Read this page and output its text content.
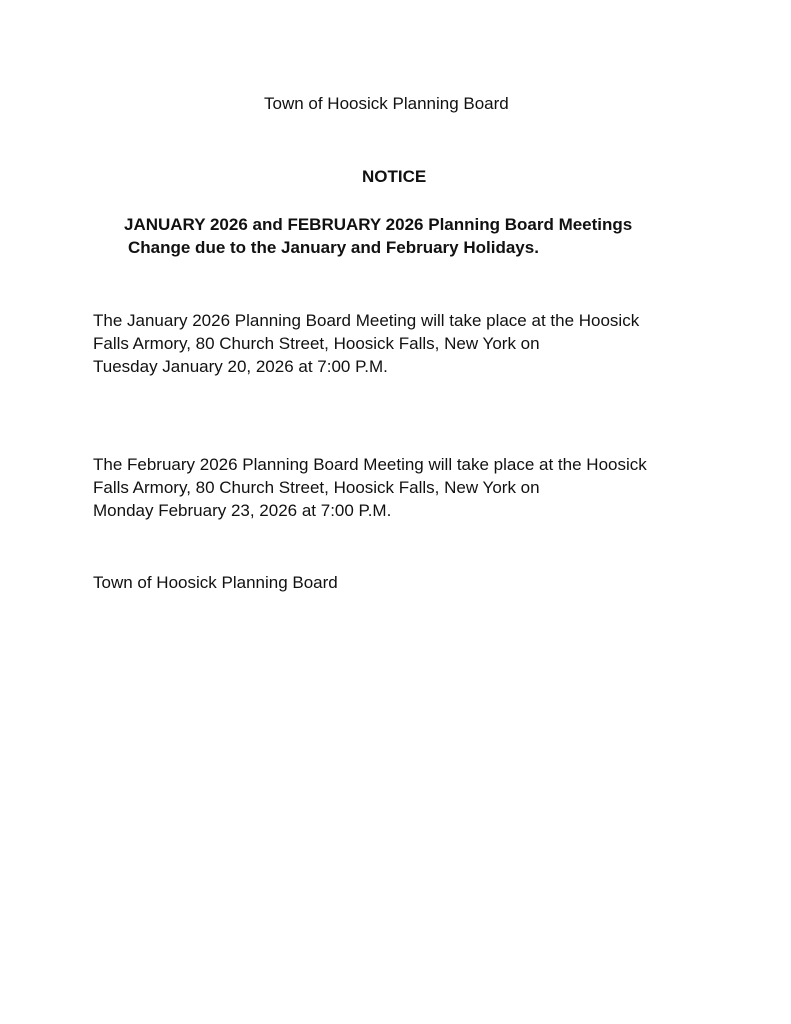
Town of Hoosick Planning Board

NOTICE

JANUARY 2026 and FEBRUARY 2026 Planning Board Meetings

Change due to the January and February Holidays.

The January 2026 Planning Board Meeting will take place at the Hoosick

Falls Armory, 80 Church Street, Hoosick Falls, New York on

Tuesday January 20, 2026 at 7:00 P.M.

The February 2026 Planning Board Meeting will take place at the Hoosick

Falls Armory, 80 Church Street, Hoosick Falls, New York on

Monday February 23, 2026 at 7:00 P.M.

Town of Hoosick Planning Board
